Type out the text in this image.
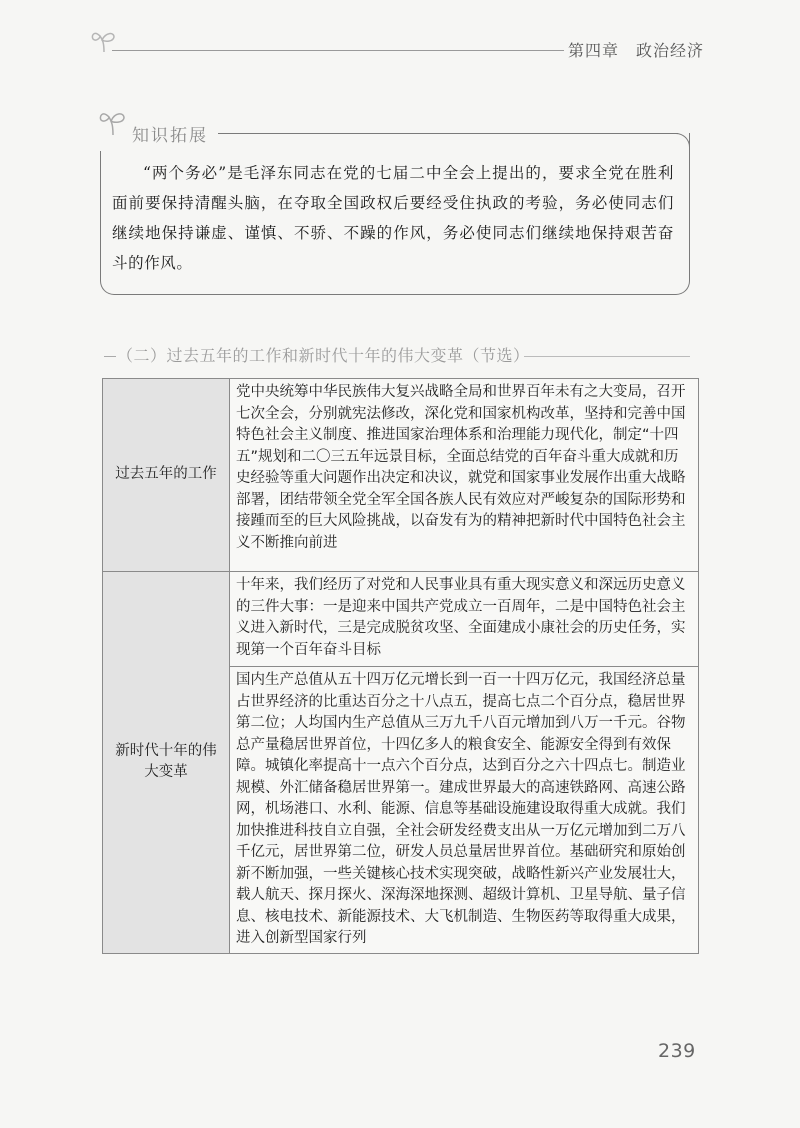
第四章　政治经济
知识拓展
“两个务必”是毛泽东同志在党的七届二中全会上提出的，要求全党在胜利面前要保持清醒头脑，在夺取全国政权后要经受住执政的考验，务必使同志们继续地保持谦虚、谨慎、不骄、不躁的作风，务必使同志们继续地保持艰苦奋斗的作风。
（二）过去五年的工作和新时代十年的伟大变革（节选）
过去五年的工作	党中央统筹中华民族伟大复兴战略全局和世界百年未有之大变局，召开七次全会，分别就宪法修改，深化党和国家机构改革，坚持和完善中国特色社会主义制度、推进国家治理体系和治理能力现代化，制定“十四五”规划和二〇三五年远景目标，全面总结党的百年奋斗重大成就和历史经验等重大问题作出决定和决议，就党和国家事业发展作出重大战略部署，团结带领全党全军全国各族人民有效应对严峻复杂的国际形势和接踵而至的巨大风险挑战，以奋发有为的精神把新时代中国特色社会主义不断推向前进
新时代十年的伟大变革	十年来，我们经历了对党和人民事业具有重大现实意义和深远历史意义的三件大事：一是迎来中国共产党成立一百周年，二是中国特色社会主义进入新时代，三是完成脱贫攻坚、全面建成小康社会的历史任务，实现第一个百年奋斗目标
	国内生产总值从五十四万亿元增长到一百一十四万亿元，我国经济总量占世界经济的比重达百分之十八点五，提高七点二个百分点，稳居世界第二位；人均国内生产总值从三万九千八百元增加到八万一千元。谷物总产量稳居世界首位，十四亿多人的粮食安全、能源安全得到有效保障。城镇化率提高十一点六个百分点，达到百分之六十四点七。制造业规模、外汇储备稳居世界第一。建成世界最大的高速铁路网、高速公路网，机场港口、水利、能源、信息等基础设施建设取得重大成就。我们加快推进科技自立自强，全社会研发经费支出从一万亿元增加到二万八千亿元，居世界第二位，研发人员总量居世界首位。基础研究和原始创新不断加强，一些关键核心技术实现突破，战略性新兴产业发展壮大，载人航天、探月探火、深海深地探测、超级计算机、卫星导航、量子信息、核电技术、新能源技术、大飞机制造、生物医药等取得重大成果，进入创新型国家行列
239
